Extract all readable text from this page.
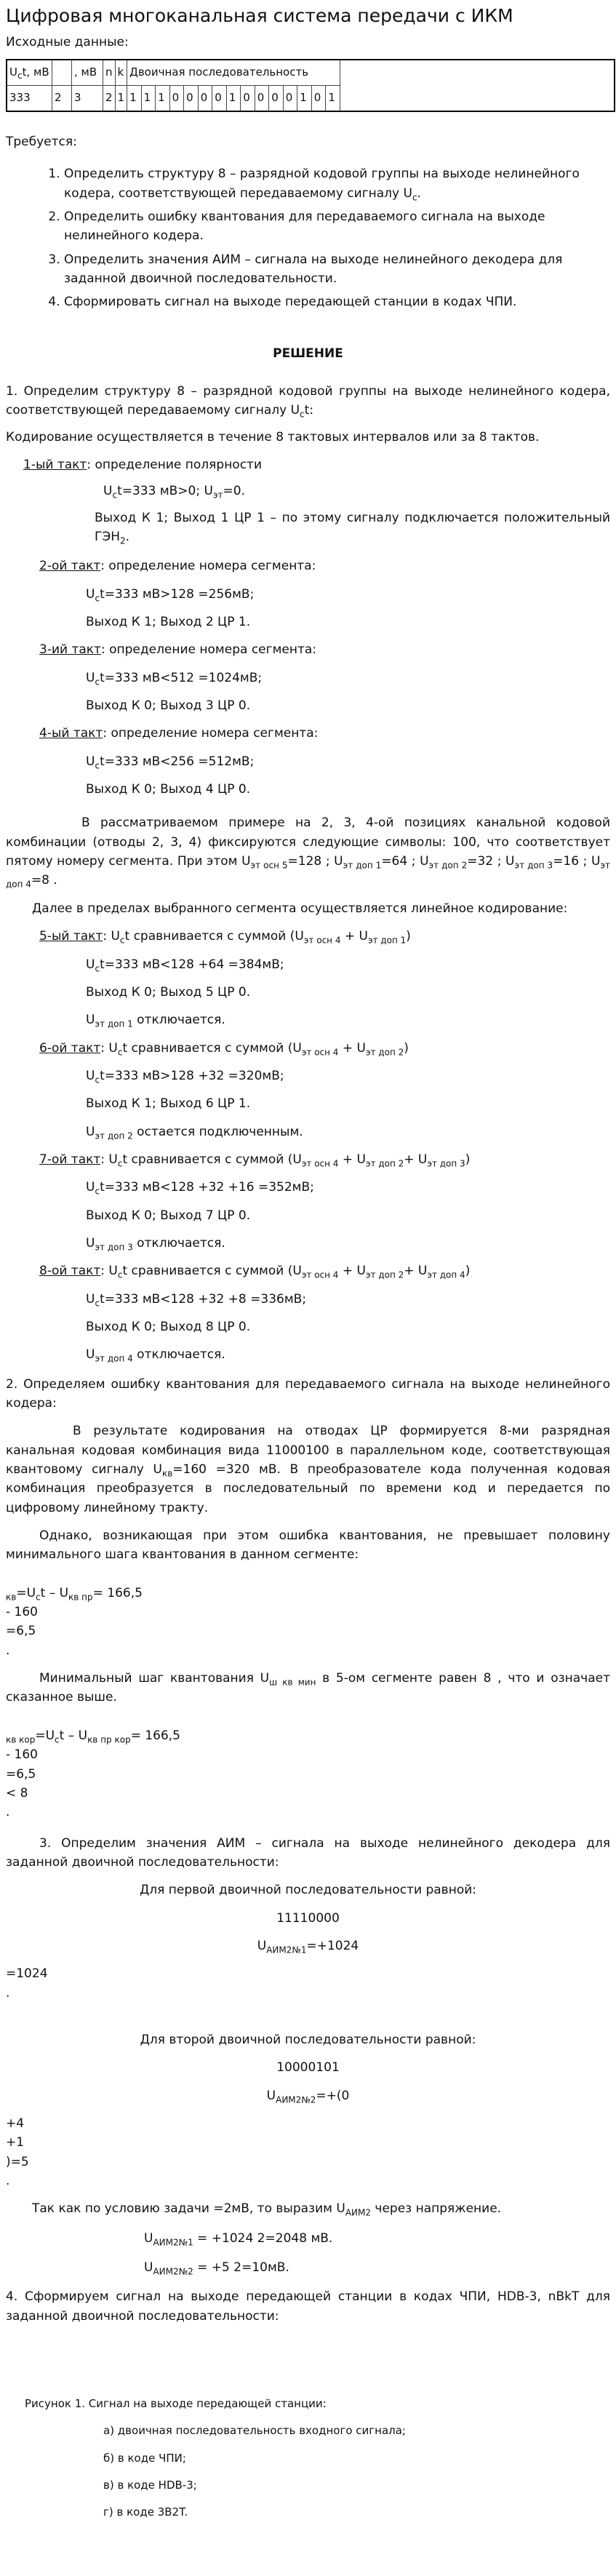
Цифровая многоканальная система передачи с ИКМ

Исходные данные:

$U_ct$, мВ		, мВ	n	k	Двоичная последовательность															
333	2	3	2	1	1	1	1	0	0	0	0	1	0	0	0	0	1	0	1	

Требуется:

1. Определить структуру 8 – разрядной кодовой группы на выходе нелинейного кодера, соответствующей передаваемому сигналу $U_c$.
2. Определить ошибку квантования для передаваемого сигнала на выходе нелинейного кодера.
3. Определить значения АИМ – сигнала на выходе нелинейного декодера для заданной двоичной последовательности.
4. Сформировать сигнал на выходе передающей станции в кодах ЧПИ.

РЕШЕНИЕ

1. Определим структуру 8 – разрядной кодовой группы на выходе нелинейного кодера, соответствующей передаваемому сигналу $U_ct$:

Кодирование осуществляется в течение 8 тактовых интервалов или за 8 тактов.

1-ый такт: определение полярности

$U_ct=333$ мВ>0; $U_{эт}=0$.

Выход К 1; Выход 1 ЦР 1 – по этому сигналу подключается положительный $ГЭН_2$.

2-ой такт: определение номера сегмента:

$U_ct=333$ мВ>128 =256мВ;

Выход К 1; Выход 2 ЦР 1.

3-ий такт: определение номера сегмента:

$U_ct=333$ мВ<512 =1024мВ;

Выход К 0; Выход 3 ЦР 0.

4-ый такт: определение номера сегмента:

$U_ct=333$ мВ<256 =512мВ;

Выход К 0; Выход 4 ЦР 0.

В рассматриваемом примере на 2, 3, 4-ой позициях канальной кодовой комбинации (отводы 2, 3, 4) фиксируются следующие символы: 100, что соответствует пятому номеру сегмента. При этом $U_{эт осн 5}=128$ ; $U_{эт доп 1}=64$ ; $U_{эт доп 2}=32$ ; $U_{эт доп 3}=16$ ; $U_{эт доп 4}=8$ .

Далее в пределах выбранного сегмента осуществляется линейное кодирование:

5-ый такт: $U_ct$ сравнивается с суммой $(U_{эт осн 4} + U_{эт доп 1})$

$U_ct=333$ мВ<128 +64 =384мВ;

Выход К 0; Выход 5 ЦР 0.

$U_{эт доп 1}$ отключается.

6-ой такт: $U_ct$ сравнивается с суммой $(U_{эт осн 4} + U_{эт доп 2})$

$U_ct=333$ мВ>128 +32 =320мВ;

Выход К 1; Выход 6 ЦР 1.

$U_{эт доп 2}$ остается подключенным.

7-ой такт: $U_ct$ сравнивается с суммой $(U_{эт осн 4} + U_{эт доп 2}+ U_{эт доп 3})$

$U_ct=333$ мВ<128 +32 +16 =352мВ;

Выход К 0; Выход 7 ЦР 0.

$U_{эт доп 3}$ отключается.

8-ой такт: $U_ct$ сравнивается с суммой $(U_{эт осн 4} + U_{эт доп 2}+ U_{эт доп 4})$

$U_ct=333$ мВ<128 +32 +8 =336мВ;

Выход К 0; Выход 8 ЦР 0.

$U_{эт доп 4}$ отключается.

2. Определяем ошибку квантования для передаваемого сигнала на выходе нелинейного кодера:

В результате кодирования на отводах ЦР формируется 8-ми разрядная канальная кодовая комбинация вида 11000100 в параллельном коде, соответствующая квантовому сигналу $U_{кв}=160 =320$ мВ. В преобразователе кода полученная кодовая комбинация преобразуется в последовательный по времени код и передается по цифровому линейному тракту.

Однако, возникающая при этом ошибка квантования, не превышает половину минимального шага квантования в данном сегменте:

$_{кв}=U_ct - U_{кв пр}= 166,5$

- 160

=6,5

.

Минимальный шаг квантования $U_{ш кв мин}$ в 5-ом сегменте равен 8 , что и означает сказанное выше.

$_{кв кор}=U_ct - U_{кв пр кор}= 166,5$

- 160

=6,5

< 8

.

3. Определим значения АИМ – сигнала на выходе нелинейного декодера для заданной двоичной последовательности:

Для первой двоичной последовательности равной:

11110000

$U_{АИМ2№1}=+1024$

=1024

.

Для второй двоичной последовательности равной:

10000101

$U_{АИМ2№2}=+(0$

+4

+1

)=5

.

Так как по условию задачи =2мВ, то выразим $U_{АИМ2}$ через напряжение.

$U_{АИМ2№1} = +1024$ 2=2048 мВ.

$U_{АИМ2№2} = +5$ 2=10мВ.

4. Сформируем сигнал на выходе передающей станции в кодах ЧПИ, HDB-3, nBkT для заданной двоичной последовательности:

Рисунок 1. Сигнал на выходе передающей станции:

а) двоичная последовательность входного сигнала;

б) в коде ЧПИ;

в) в коде HDB-3;

г) в коде 3B2T.
